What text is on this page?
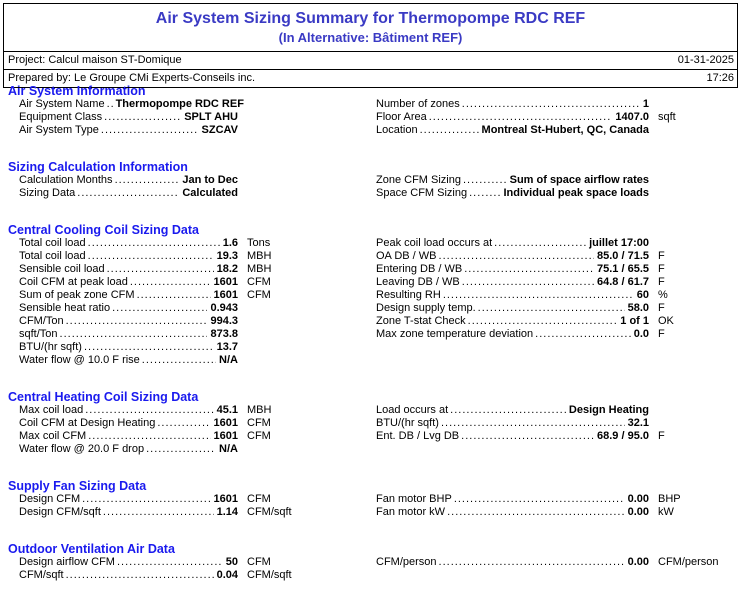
Air System Sizing Summary for Thermopompe RDC REF
(In Alternative: Bâtiment REF)
Project: Calcul maison ST-Domique	01-31-2025
Prepared by: Le Groupe CMi Experts-Conseils inc.	17:26
Air System Information
Air System Name ..... Thermopompe RDC REF
Equipment Class .....	SPLT AHU
Air System Type .....	SZCAV
Number of zones .....	1
Floor Area .....	1407.0 sqft
Location .....	Montreal St-Hubert, QC, Canada
Sizing Calculation Information
Calculation Months .....	Jan to Dec
Sizing Data .....	Calculated
Zone CFM Sizing .....	Sum of space airflow rates
Space CFM Sizing .....	Individual peak space loads
Central Cooling Coil Sizing Data
Total coil load .....	1.6 Tons
Total coil load .....	19.3 MBH
Sensible coil load .....	18.2 MBH
Coil CFM at peak load .....	1601 CFM
Sum of peak zone CFM .....	1601 CFM
Sensible heat ratio .....	0.943
CFM/Ton .....	994.3
sqft/Ton .....	873.8
BTU/(hr sqft) .....	13.7
Water flow @ 10.0 F rise .....	N/A
Peak coil load occurs at .....	juillet 17:00
OA DB / WB .....	85.0 / 71.5 F
Entering DB / WB .....	75.1 / 65.5 F
Leaving DB / WB .....	64.8 / 61.7 F
Resulting RH .....	60 %
Design supply temp. .....	58.0 F
Zone T-stat Check .....	1 of 1 OK
Max zone temperature deviation .....	0.0 F
Central Heating Coil Sizing Data
Max coil load .....	45.1 MBH
Coil CFM at Design Heating .....	1601 CFM
Max coil CFM .....	1601 CFM
Water flow @ 20.0 F drop .....	N/A
Load occurs at .....	Design Heating
BTU/(hr sqft) .....	32.1
Ent. DB / Lvg DB .....	68.9 / 95.0 F
Supply Fan Sizing Data
Design CFM .....	1601 CFM
Design CFM/sqft .....	1.14 CFM/sqft
Fan motor BHP .....	0.00 BHP
Fan motor kW .....	0.00 kW
Outdoor Ventilation Air Data
Design airflow CFM .....	50 CFM
CFM/sqft .....	0.04 CFM/sqft
CFM/person .....	0.00 CFM/person
